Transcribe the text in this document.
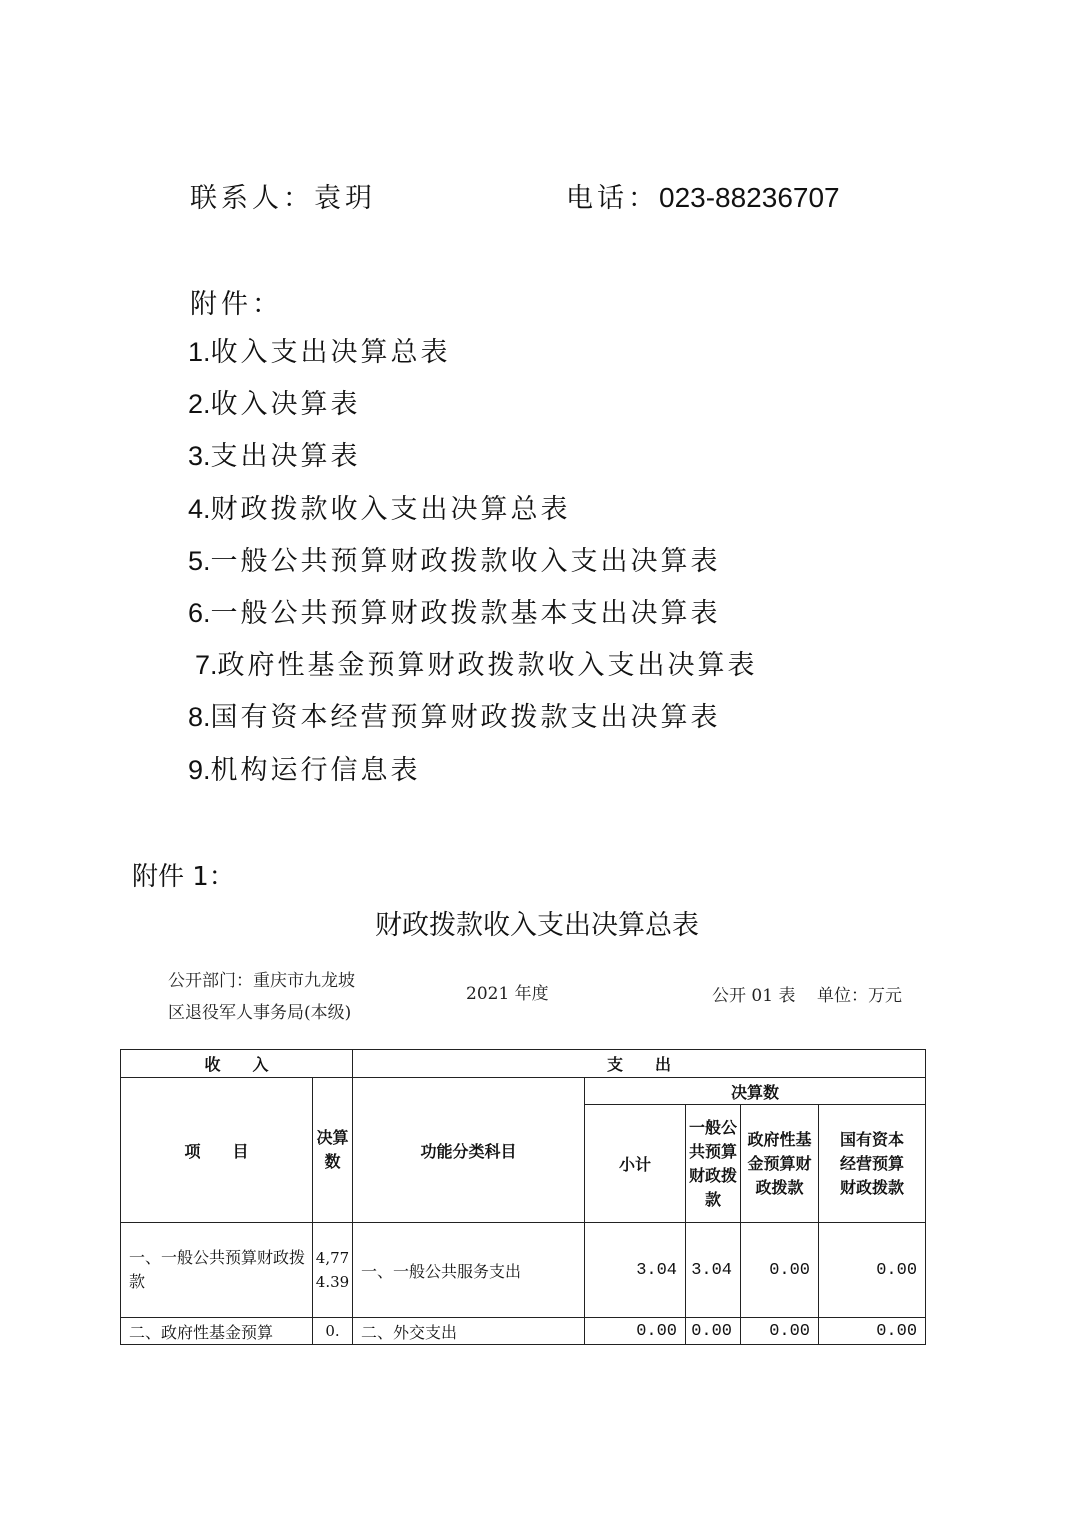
联系人：袁玥	电话：023-88236707
附件：
1.收入支出决算总表
2.收入决算表
3.支出决算表
4.财政拨款收入支出决算总表
5.一般公共预算财政拨款收入支出决算表
6.一般公共预算财政拨款基本支出决算表
7.政府性基金预算财政拨款收入支出决算表
8.国有资本经营预算财政拨款支出决算表
9.机构运行信息表
附件 1：
财政拨款收入支出决算总表
公开部门：重庆市九龙坡
区退役军人事务局(本级)
2021 年度	公开 01 表 单位：万元
收　　入		支　　出				
项　　目	决算数	功能分类科目	决算数			
			小计	一般公共预算财政拨款	政府性基金预算财政拨款	国有资本经营预算财政拨款
一、一般公共预算财政拨款	4,774.39	一、一般公共服务支出	3.04	3.04	0.00	0.00
二、政府性基金预算	0.	二、外交支出	0.00	0.00	0.00	0.00
